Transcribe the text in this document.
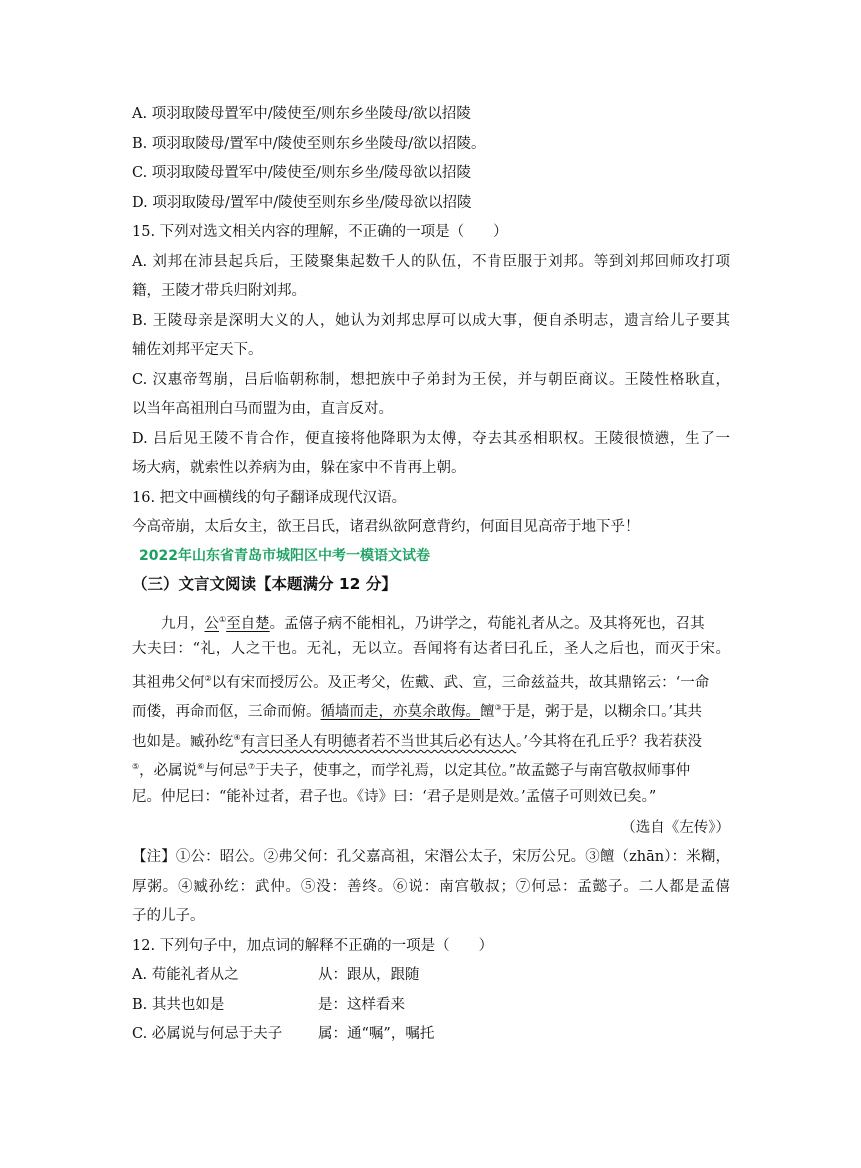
A. 项羽取陵母置军中/陵使至/则东乡坐陵母/欲以招陵
B. 项羽取陵母/置军中/陵使至则东乡坐陵母/欲以招陵。
C. 项羽取陵母置军中/陵使至/则东乡坐/陵母欲以招陵
D. 项羽取陵母/置军中/陵使至则东乡坐/陵母欲以招陵
15. 下列对选文相关内容的理解，不正确的一项是（　　）
A. 刘邦在沛县起兵后，王陵聚集起数千人的队伍，不肯臣服于刘邦。等到刘邦回师攻打项
籍，王陵才带兵归附刘邦。
B. 王陵母亲是深明大义的人，她认为刘邦忠厚可以成大事，便自杀明志，遗言给儿子要其
辅佐刘邦平定天下。
C. 汉惠帝驾崩，吕后临朝称制，想把族中子弟封为王侯，并与朝臣商议。王陵性格耿直，
以当年高祖刑白马而盟为由，直言反对。
D. 吕后见王陵不肯合作，便直接将他降职为太傅，夺去其丞相职权。王陵很愤懑，生了一
场大病，就索性以养病为由，躲在家中不肯再上朝。
16. 把文中画横线的句子翻译成现代汉语。
今高帝崩，太后女主，欲王吕氏，诸君纵欲阿意背约，何面目见高帝于地下乎！
2022年山东省青岛市城阳区中考一模语文试卷
（三）文言文阅读【本题满分 12 分】
九月，公①至自楚。孟僖子病不能相礼，乃讲学之，苟能礼者从之。及其将死也，召其
大夫曰：“礼，人之干也。无礼，无以立。吾闻将有达者曰孔丘，圣人之后也，而灭于宋。
其祖弗父何②以有宋而授厉公。及正考父，佐戴、武、宣，三命兹益共，故其鼎铭云：‘一命
而偻，再命而伛，三命而俯。循墙而走，亦莫余敢侮。饘③于是，粥于是，以糊余口。’其共
也如是。臧孙纥④有言曰圣人有明德者若不当世其后必有达人。’今其将在孔丘乎？我若获没
⑤，必属说⑥与何忌⑦于夫子，使事之，而学礼焉，以定其位。”故孟懿子与南宫敬叔师事仲
尼。仲尼曰：“能补过者，君子也。《诗》曰：‘君子是则是效。’孟僖子可则效已矣。”
（选自《左传》）
【注】①公：昭公。②弗父何：孔父嘉高祖，宋湣公太子，宋厉公兄。③饘（zhān）：米糊，
厚粥。④臧孙纥：武仲。⑤没：善终。⑥说：南宫敬叔；⑦何忌：孟懿子。二人都是孟僖
子的儿子。
12. 下列句子中，加点词的解释不正确的一项是（　　）
A. 苟能礼者从之	从：跟从，跟随
B. 其共也如是	是：这样看来
C. 必属说与何忌于夫子 属：通“嘱”，嘱托
